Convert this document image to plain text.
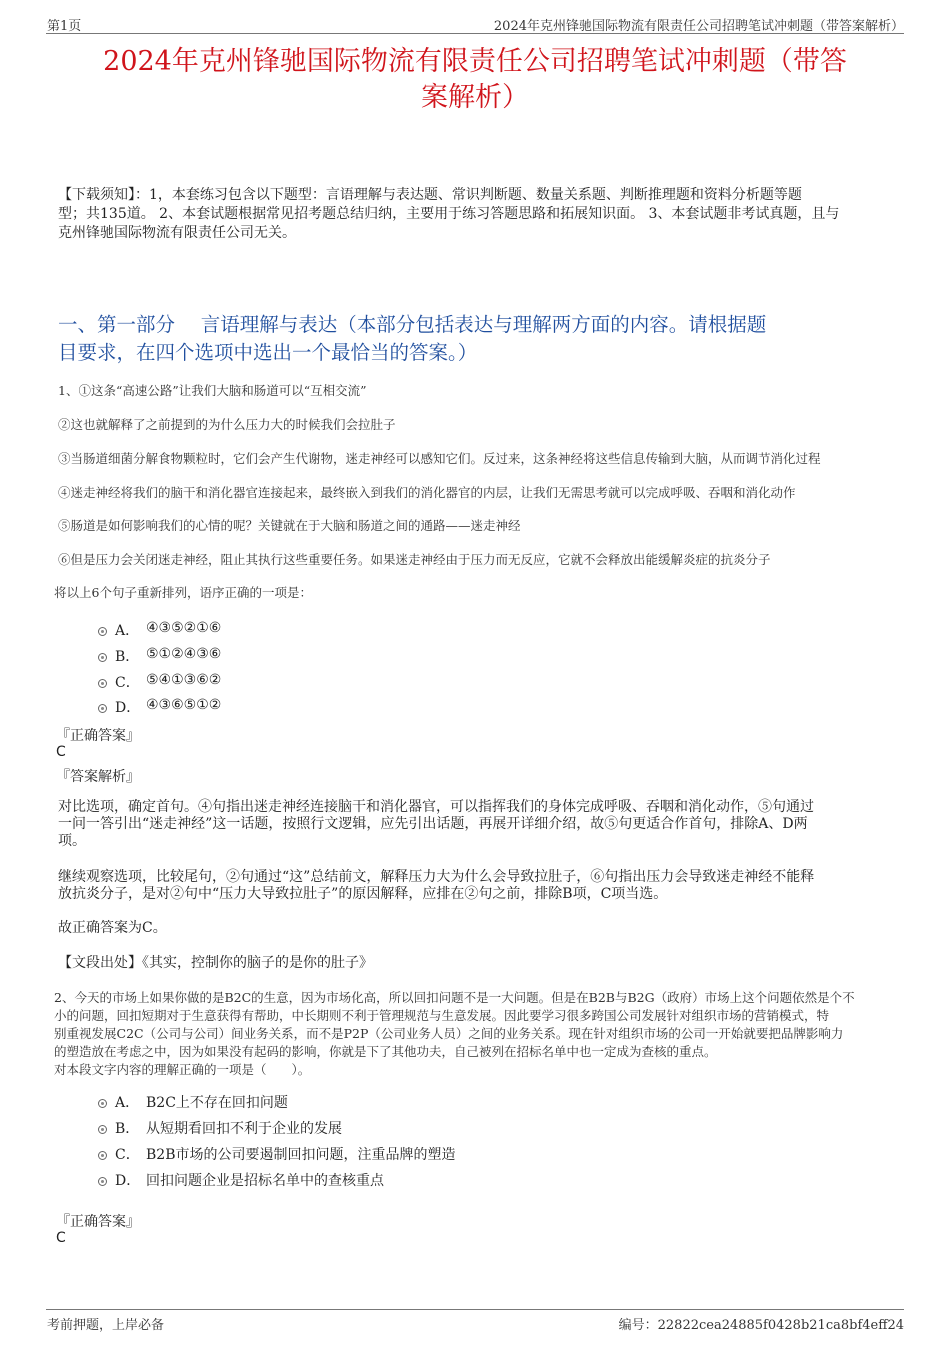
第1页	2024年克州锋驰国际物流有限责任公司招聘笔试冲刺题（带答案解析）
2024年克州锋驰国际物流有限责任公司招聘笔试冲刺题（带答
案解析）
【下载须知】：1，本套练习包含以下题型：言语理解与表达题、常识判断题、数量关系题、判断推理题和资料分析题等题
型；共135道。 2、本套试题根据常见招考题总结归纳，主要用于练习答题思路和拓展知识面。 3、本套试题非考试真题，且与
克州锋驰国际物流有限责任公司无关。
一、第一部分　 言语理解与表达（本部分包括表达与理解两方面的内容。请根据题
目要求，在四个选项中选出一个最恰当的答案。）
1、①这条“高速公路”让我们大脑和肠道可以“互相交流”
②这也就解释了之前提到的为什么压力大的时候我们会拉肚子
③当肠道细菌分解食物颗粒时，它们会产生代谢物，迷走神经可以感知它们。反过来，这条神经将这些信息传输到大脑，从而调节消化过程
④迷走神经将我们的脑干和消化器官连接起来，最终嵌入到我们的消化器官的内层，让我们无需思考就可以完成呼吸、吞咽和消化动作
⑤肠道是如何影响我们的心情的呢？关键就在于大脑和肠道之间的通路——迷走神经
⑥但是压力会关闭迷走神经，阻止其执行这些重要任务。如果迷走神经由于压力而无反应，它就不会释放出能缓解炎症的抗炎分子
将以上6个句子重新排列，语序正确的一项是：
A． ④③⑤②①⑥
B． ⑤①②④③⑥
C． ⑤④①③⑥②
D． ④③⑥⑤①②
『正确答案』
C
『答案解析』
对比选项，确定首句。④句指出迷走神经连接脑干和消化器官，可以指挥我们的身体完成呼吸、吞咽和消化动作，⑤句通过
一问一答引出“迷走神经”这一话题，按照行文逻辑，应先引出话题，再展开详细介绍，故⑤句更适合作首句，排除A、D两
项。
继续观察选项，比较尾句，②句通过“这”总结前文，解释压力大为什么会导致拉肚子，⑥句指出压力会导致迷走神经不能释
放抗炎分子，是对②句中“压力大导致拉肚子”的原因解释，应排在②句之前，排除B项，C项当选。
故正确答案为C。
【文段出处】《其实，控制你的脑子的是你的肚子》
2、今天的市场上如果你做的是B2C的生意，因为市场化高，所以回扣问题不是一大问题。但是在B2B与B2G（政府）市场上这个问题依然是个不
小的问题，回扣短期对于生意获得有帮助，中长期则不利于管理规范与生意发展。因此要学习很多跨国公司发展针对组织市场的营销模式，特
别重视发展C2C（公司与公司）间业务关系，而不是P2P（公司业务人员）之间的业务关系。现在针对组织市场的公司一开始就要把品牌影响力
的塑造放在考虑之中，因为如果没有起码的影响，你就是下了其他功夫，自己被列在招标名单中也一定成为查核的重点。
对本段文字内容的理解正确的一项是（　　）。
A． B2C上不存在回扣问题
B． 从短期看回扣不利于企业的发展
C． B2B市场的公司要遏制回扣问题，注重品牌的塑造
D． 回扣问题企业是招标名单中的查核重点
『正确答案』
C
考前押题，上岸必备	编号：22822cea24885f0428b21ca8bf4eff24
